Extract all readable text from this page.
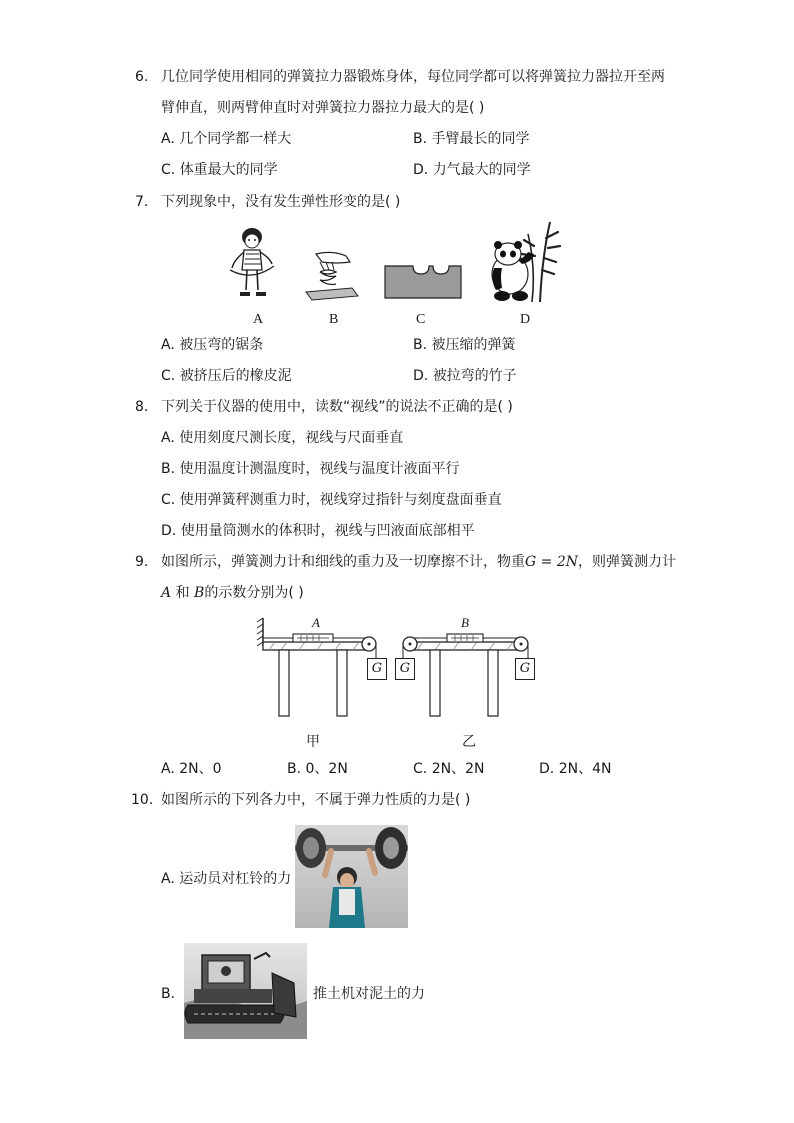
6. 几位同学使用相同的弹簧拉力器锻炼身体，每位同学都可以将弹簧拉力器拉开至两
臂伸直，则两臂伸直时对弹簧拉力器拉力最大的是( )
A. 几个同学都一样大	B. 手臂最长的同学
C. 体重最大的同学	D. 力气最大的同学
7. 下列现象中，没有发生弹性形变的是( )
A	B	C	D
A. 被压弯的锯条	B. 被压缩的弹簧
C. 被挤压后的橡皮泥	D. 被拉弯的竹子
8. 下列关于仪器的使用中，读数“视线”的说法不正确的是( )
A. 使用刻度尺测长度，视线与尺面垂直
B. 使用温度计测温度时，视线与温度计液面平行
C. 使用弹簧秤测重力时，视线穿过指针与刻度盘面垂直
D. 使用量筒测水的体积时，视线与凹液面底部相平
9. 如图所示，弹簧测力计和细线的重力及一切摩擦不计，物重G = 2N，则弹簧测力计
A 和 B的示数分别为( )
A	B
G	G	G
甲	乙
A. 2N、0	B. 0、2N	C. 2N、2N	D. 2N、4N
10. 如图所示的下列各力中，不属于弹力性质的力是( )
A. 运动员对杠铃的力
B.	推土机对泥土的力
